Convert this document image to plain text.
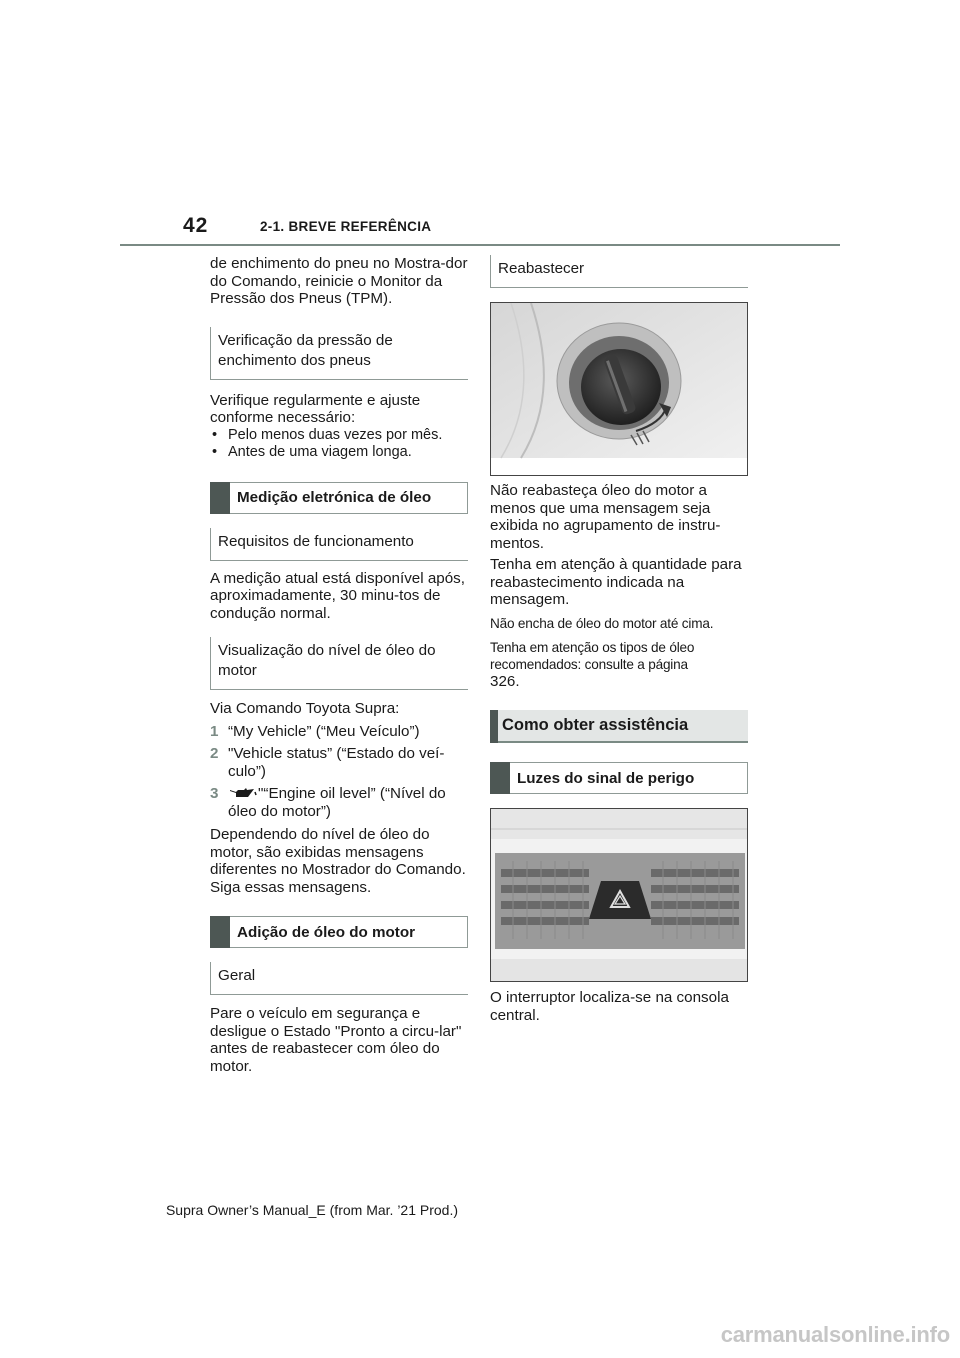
42	2-1. BREVE REFERÊNCIA

de enchimento do pneu no Mostra-dor do Comando, reinicie o Monitor da Pressão dos Pneus (TPM).

Verificação da pressão de enchimento dos pneus

Verifique regularmente e ajuste conforme necessário:

• Pelo menos duas vezes por mês.
• Antes de uma viagem longa.
Medição eletrónica de óleo
Requisitos de funcionamento

A medição atual está disponível após, aproximadamente, 30 minu-tos de condução normal.

Visualização do nível de óleo do motor

Via Comando Toyota Supra:

1 “My Vehicle” (“Meu Veículo”)
2 "Vehicle status” (“Estado do veí-culo”)
3	"“Engine oil level” (“Nível do óleo do motor”)

Dependendo do nível de óleo do motor, são exibidas mensagens diferentes no Mostrador do Comando. Siga essas mensagens.

Adição de óleo do motor
Geral

Pare o veículo em segurança e desligue o Estado "Pronto a circu-lar" antes de reabastecer com óleo do motor.

Reabastecer

Não reabasteça óleo do motor a menos que uma mensagem seja exibida no agrupamento de instru-mentos.

Tenha em atenção à quantidade para reabastecimento indicada na mensagem.

Não encha de óleo do motor até cima.

Tenha em atenção os tipos de óleo recomendados: consulte a página

326.

Como obter assistência
Luzes do sinal de perigo

O interruptor localiza-se na consola central.

Supra Owner’s Manual_E (from Mar. ’21 Prod.)
carmanualsonline.info
